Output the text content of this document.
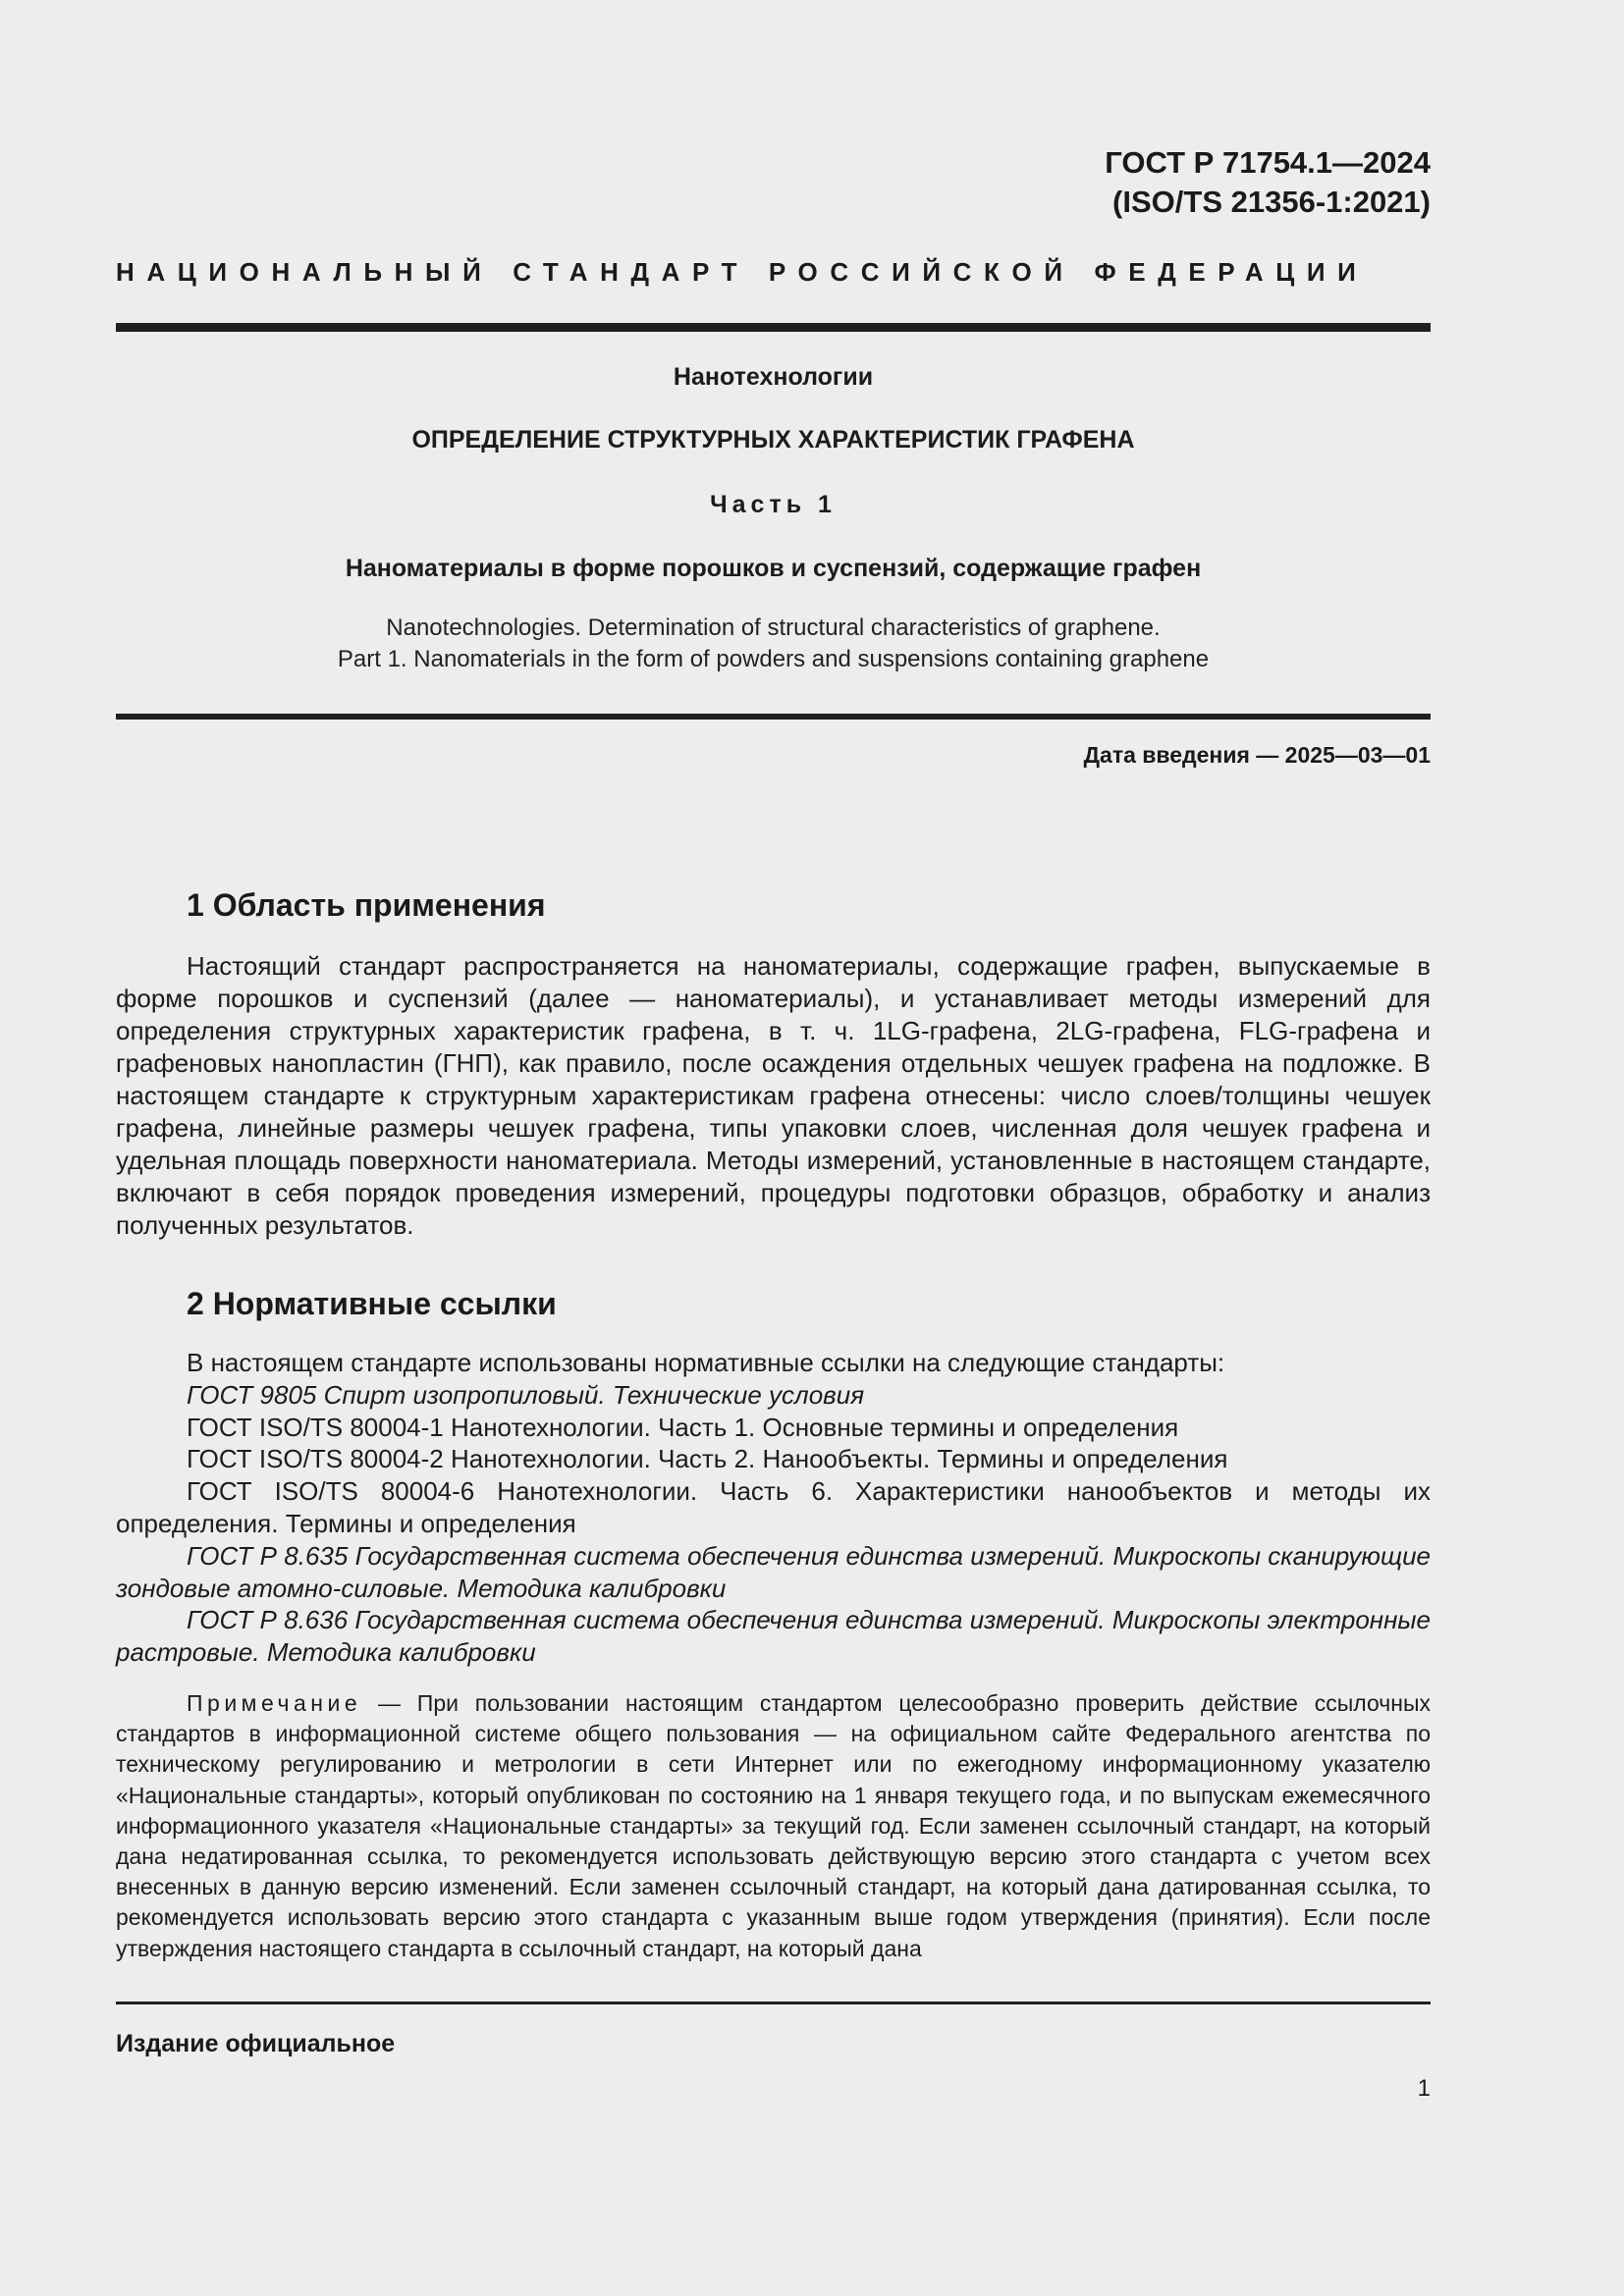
ГОСТ Р 71754.1—2024
(ISO/TS 21356-1:2021)
НАЦИОНАЛЬНЫЙ СТАНДАРТ РОССИЙСКОЙ ФЕДЕРАЦИИ
Нанотехнологии
ОПРЕДЕЛЕНИЕ СТРУКТУРНЫХ ХАРАКТЕРИСТИК ГРАФЕНА
Часть 1
Наноматериалы в форме порошков и суспензий, содержащие графен
Nanotechnologies. Determination of structural characteristics of graphene.
Part 1. Nanomaterials in the form of powders and suspensions containing graphene
Дата введения — 2025—03—01
1 Область применения

Настоящий стандарт распространяется на наноматериалы, содержащие графен, выпускаемые в форме порошков и суспензий (далее — наноматериалы), и устанавливает методы измерений для определения структурных характеристик графена, в т. ч. 1LG-графена, 2LG-графена, FLG-графена и графеновых нанопластин (ГНП), как правило, после осаждения отдельных чешуек графена на подложке. В настоящем стандарте к структурным характеристикам графена отнесены: число слоев/толщины чешуек графена, линейные размеры чешуек графена, типы упаковки слоев, численная доля чешуек графена и удельная площадь поверхности наноматериала. Методы измерений, установленные в настоящем стандарте, включают в себя порядок проведения измерений, процедуры подготовки образцов, обработку и анализ полученных результатов.

2 Нормативные ссылки

В настоящем стандарте использованы нормативные ссылки на следующие стандарты:

ГОСТ 9805 Спирт изопропиловый. Технические условия

ГОСТ ISO/TS 80004-1 Нанотехнологии. Часть 1. Основные термины и определения

ГОСТ ISO/TS 80004-2 Нанотехнологии. Часть 2. Нанообъекты. Термины и определения

ГОСТ ISO/TS 80004-6 Нанотехнологии. Часть 6. Характеристики нанообъектов и методы их определения. Термины и определения

ГОСТ Р 8.635 Государственная система обеспечения единства измерений. Микроскопы сканирующие зондовые атомно-силовые. Методика калибровки

ГОСТ Р 8.636 Государственная система обеспечения единства измерений. Микроскопы электронные растровые. Методика калибровки

Примечание — При пользовании настоящим стандартом целесообразно проверить действие ссылочных стандартов в информационной системе общего пользования — на официальном сайте Федерального агентства по техническому регулированию и метрологии в сети Интернет или по ежегодному информационному указателю «Национальные стандарты», который опубликован по состоянию на 1 января текущего года, и по выпускам ежемесячного информационного указателя «Национальные стандарты» за текущий год. Если заменен ссылочный стандарт, на который дана недатированная ссылка, то рекомендуется использовать действующую версию этого стандарта с учетом всех внесенных в данную версию изменений. Если заменен ссылочный стандарт, на который дана датированная ссылка, то рекомендуется использовать версию этого стандарта с указанным выше годом утверждения (принятия). Если после утверждения настоящего стандарта в ссылочный стандарт, на который дана

Издание официальное
1
